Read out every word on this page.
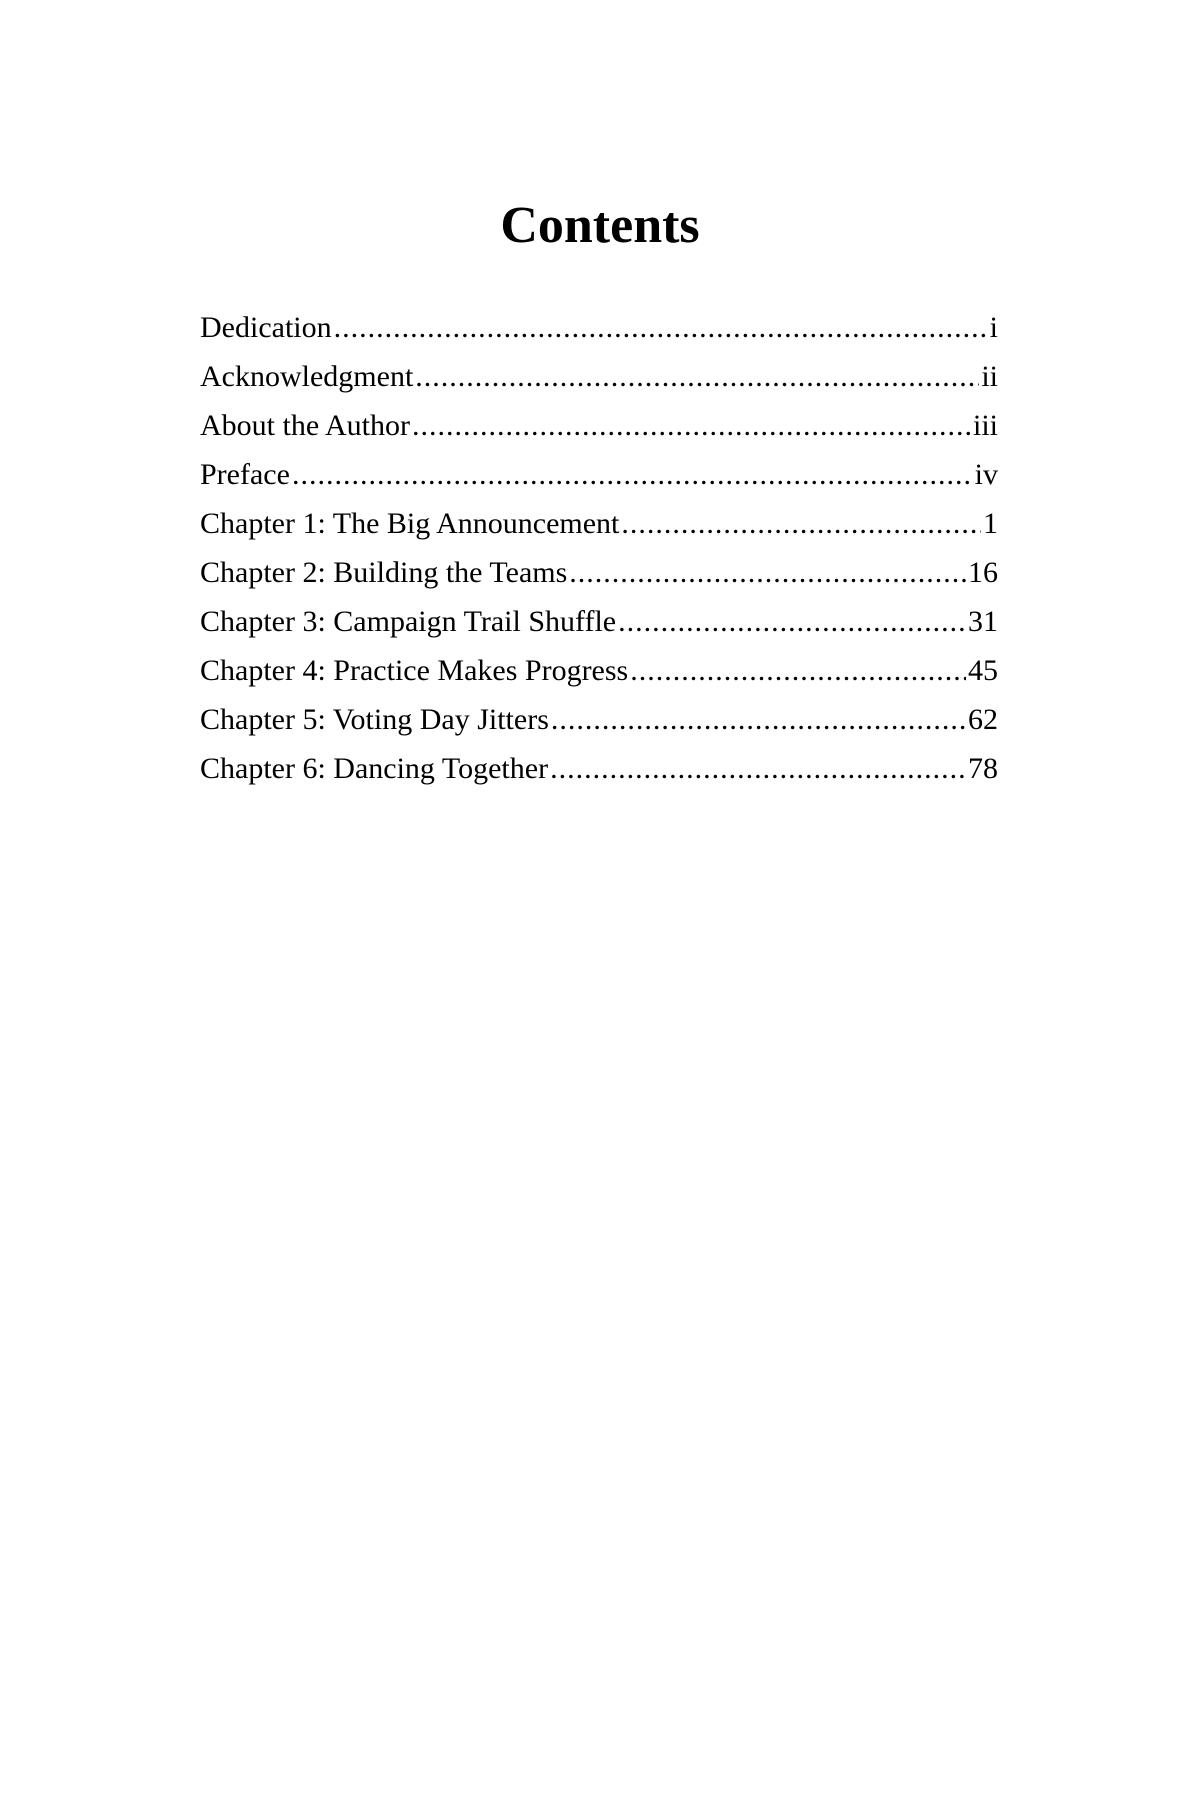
Contents
Dedication .....	i
Acknowledgment .....	ii
About the Author .....	iii
Preface .....	iv
Chapter 1: The Big Announcement .....	1
Chapter 2: Building the Teams .....	16
Chapter 3: Campaign Trail Shuffle .....	31
Chapter 4: Practice Makes Progress .....	45
Chapter 5: Voting Day Jitters .....	62
Chapter 6: Dancing Together .....	78
